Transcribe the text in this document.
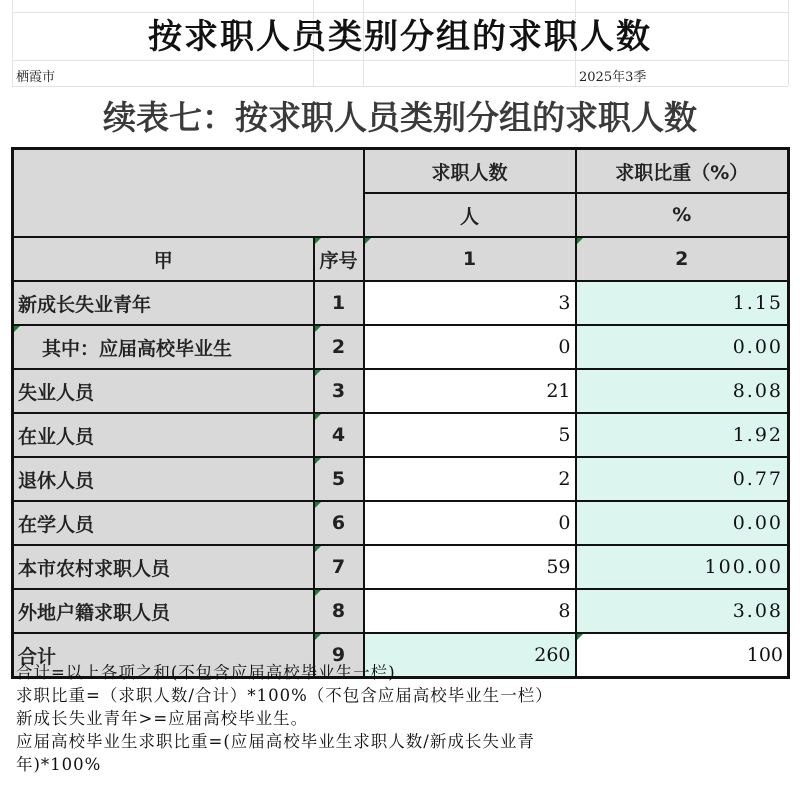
按求职人员类别分组的求职人数
栖霞市	2025年3季
续表七：按求职人员类别分组的求职人数
		求职人数	求职比重（%）
		人	%
甲	序号	1	2
新成长失业青年	1	3	1.15
其中：应届高校毕业生	2	0	0.00
失业人员	3	21	8.08
在业人员	4	5	1.92
退休人员	5	2	0.77
在学人员	6	0	0.00
本市农村求职人员	7	59	100.00
外地户籍求职人员	8	8	3.08
合计	9	260	100
合计=以上各项之和(不包含应届高校毕业生一栏)
求职比重=（求职人数/合计）*100%（不包含应届高校毕业生一栏）
新成长失业青年>=应届高校毕业生。
应届高校毕业生求职比重=(应届高校毕业生求职人数/新成长失业青
年)*100%
